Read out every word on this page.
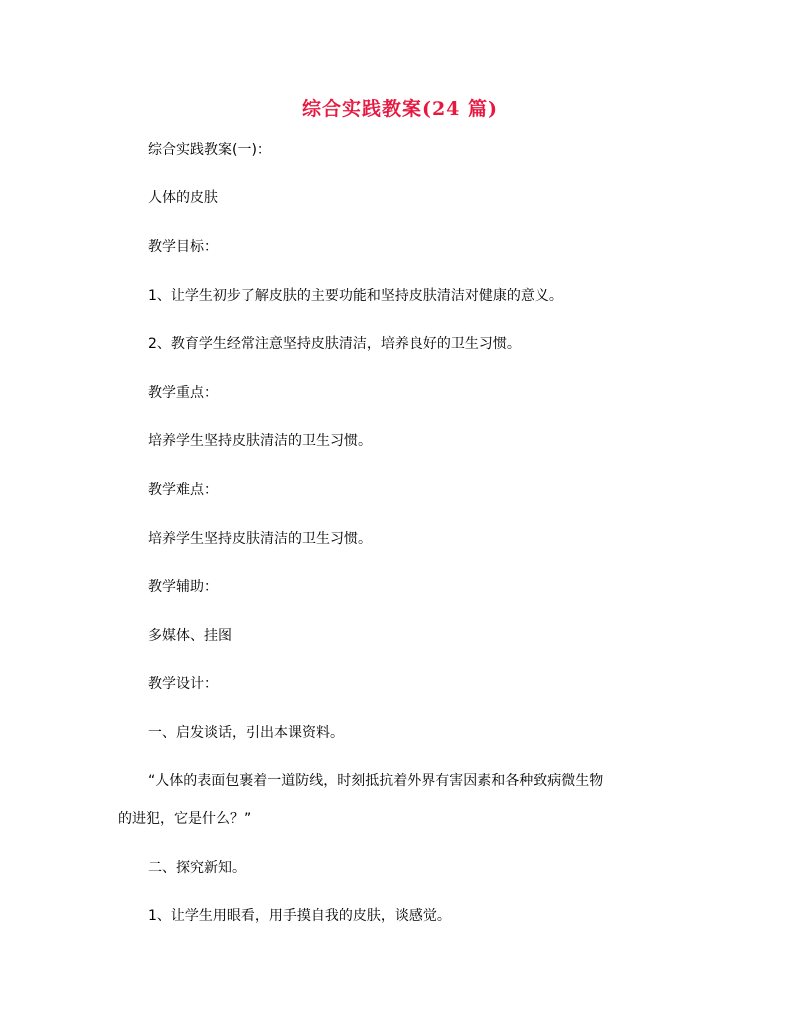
综合实践教案(24 篇)
综合实践教案(一)：
人体的皮肤
教学目标：
1、让学生初步了解皮肤的主要功能和坚持皮肤清洁对健康的意义。
2、教育学生经常注意坚持皮肤清洁，培养良好的卫生习惯。
教学重点：
培养学生坚持皮肤清洁的卫生习惯。
教学难点：
培养学生坚持皮肤清洁的卫生习惯。
教学辅助：
多媒体、挂图
教学设计：
一、启发谈话，引出本课资料。
“人体的表面包裹着一道防线，时刻抵抗着外界有害因素和各种致病微生物
的进犯，它是什么？”
二、探究新知。
1、让学生用眼看，用手摸自我的皮肤，谈感觉。
